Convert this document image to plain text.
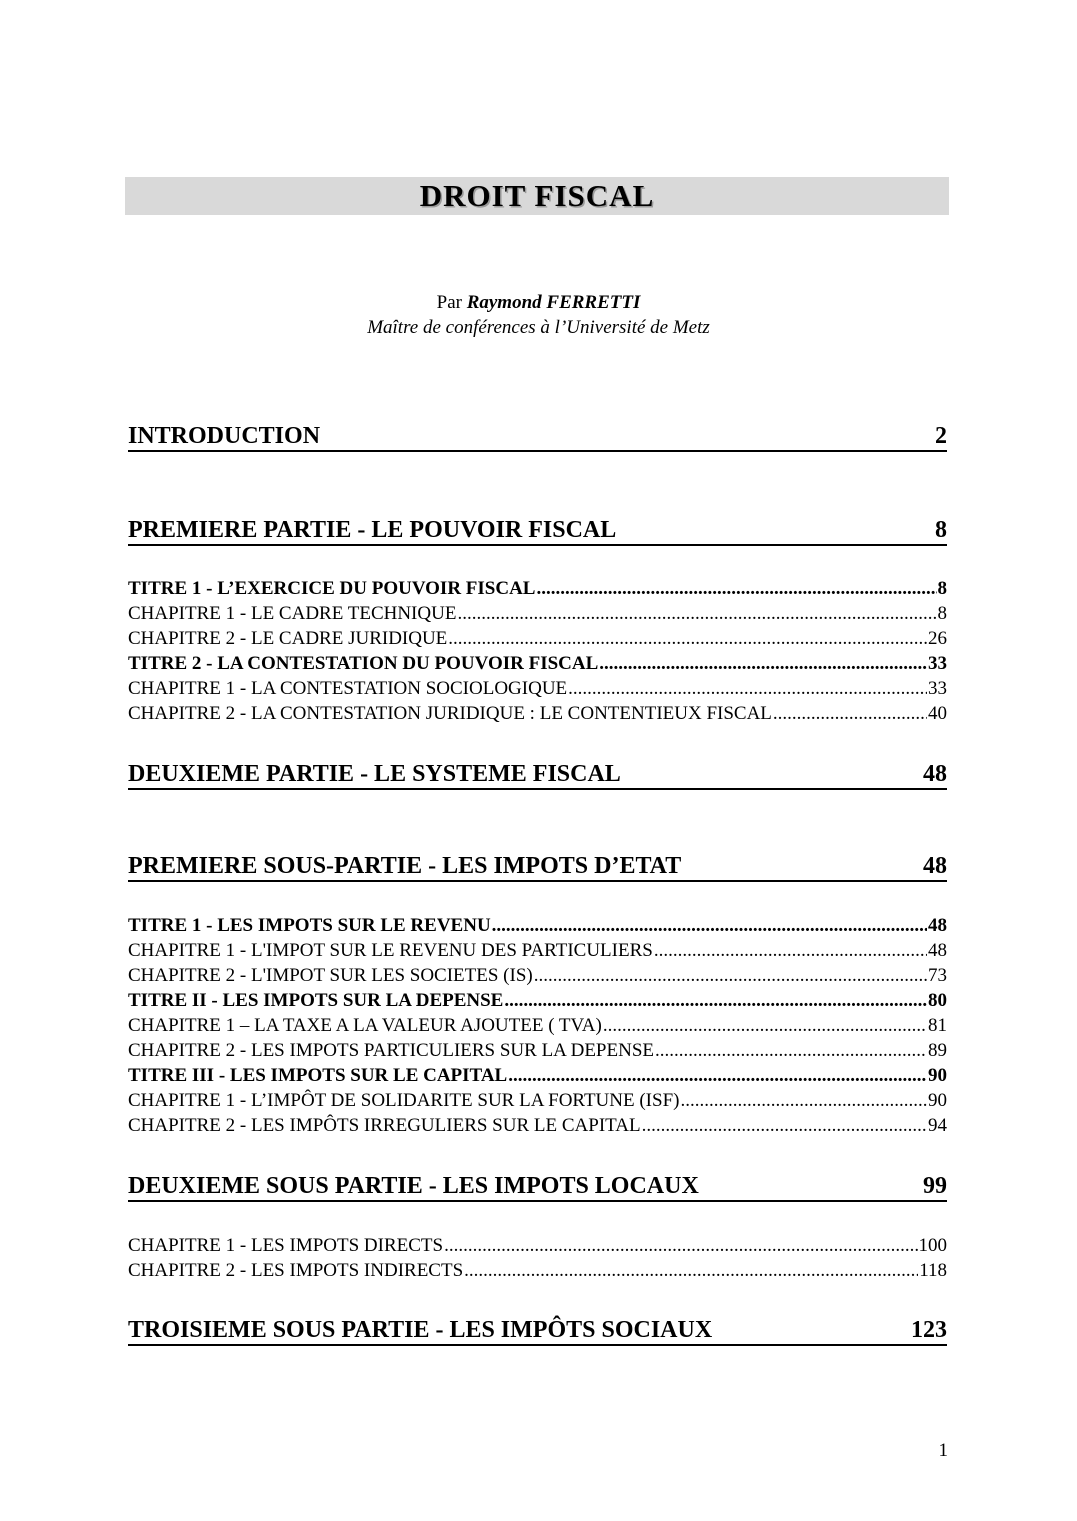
DROIT FISCAL
Par Raymond FERRETTI
Maître de conférences à l’Université de Metz
INTRODUCTION	2
PREMIERE PARTIE - LE POUVOIR FISCAL	8
TITRE 1 - L’EXERCICE DU POUVOIR FISCAL .....	8
CHAPITRE 1 - LE CADRE TECHNIQUE .....	8
CHAPITRE 2 - LE CADRE JURIDIQUE .....	26
TITRE 2 - LA CONTESTATION DU POUVOIR FISCAL .....	33
CHAPITRE 1 - LA CONTESTATION SOCIOLOGIQUE .....	33
CHAPITRE 2 - LA CONTESTATION JURIDIQUE : LE CONTENTIEUX FISCAL .....	40
DEUXIEME PARTIE - LE SYSTEME FISCAL	48
PREMIERE SOUS-PARTIE - LES IMPOTS D’ETAT	48
TITRE 1 - LES IMPOTS SUR LE REVENU .....	48
CHAPITRE 1 - L'IMPOT SUR LE REVENU DES PARTICULIERS .....	48
CHAPITRE 2 - L'IMPOT SUR LES SOCIETES (IS) .....	73
TITRE II - LES IMPOTS SUR LA DEPENSE .....	80
CHAPITRE 1 – LA TAXE A LA VALEUR AJOUTEE ( TVA) .....	81
CHAPITRE 2 - LES IMPOTS PARTICULIERS SUR LA DEPENSE .....	89
TITRE III - LES IMPOTS SUR LE CAPITAL .....	90
CHAPITRE 1 - L’IMPÔT DE SOLIDARITE SUR LA FORTUNE (ISF) .....	90
CHAPITRE 2 - LES IMPÔTS IRREGULIERS SUR LE CAPITAL .....	94
DEUXIEME SOUS PARTIE - LES IMPOTS LOCAUX	99
CHAPITRE 1 - LES IMPOTS DIRECTS .....	100
CHAPITRE 2 - LES IMPOTS INDIRECTS .....	118
TROISIEME SOUS PARTIE - LES IMPÔTS SOCIAUX	123
1
